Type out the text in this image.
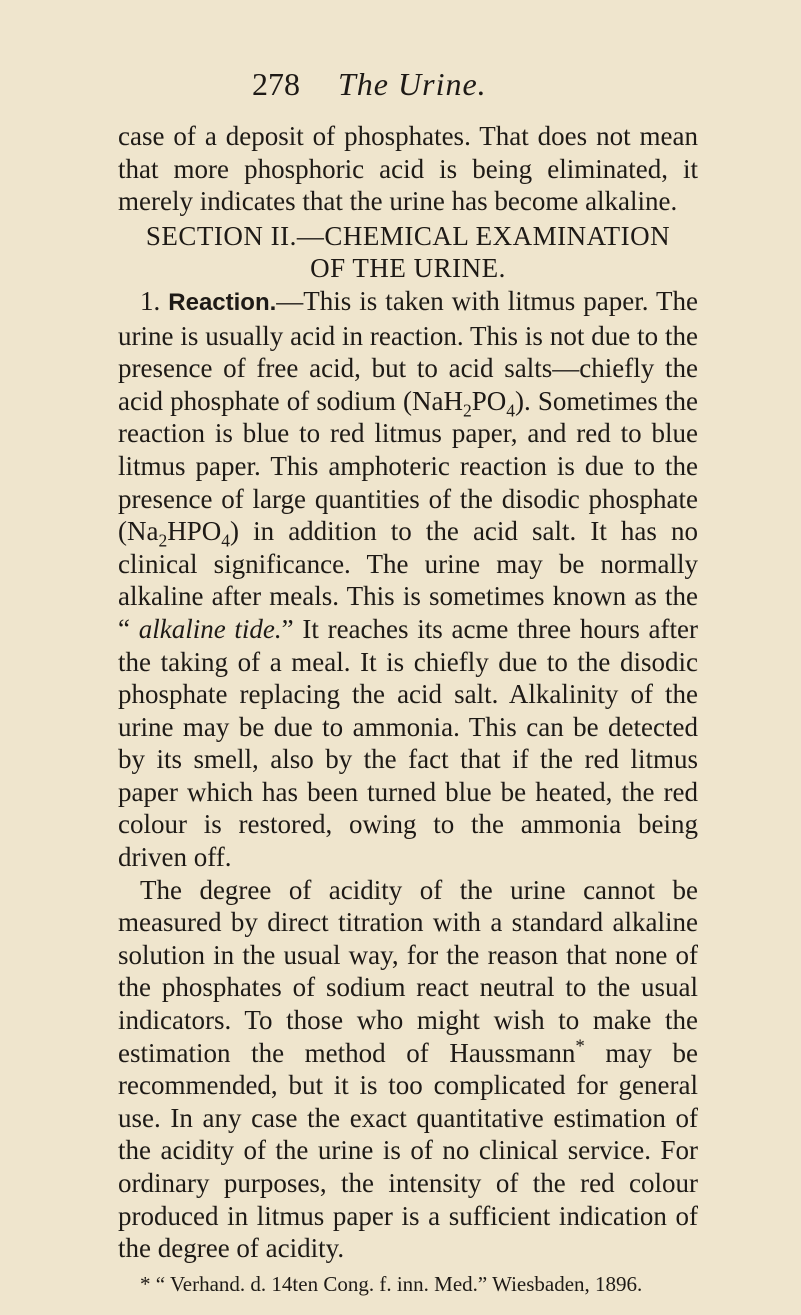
278 The Urine.

case of a deposit of phosphates. That does not mean that more phosphoric acid is being eliminated, it merely indicates that the urine has become alkaline.

SECTION II.—CHEMICAL EXAMINATION
OF THE URINE.

1. Reaction.—This is taken with litmus paper. The urine is usually acid in reaction. This is not due to the presence of free acid, but to acid salts—chiefly the acid phosphate of sodium $(NaH_2PO_4)$. Sometimes the reaction is blue to red litmus paper, and red to blue litmus paper. This amphoteric reaction is due to the presence of large quantities of the disodic phosphate $(Na_2HPO_4)$ in addition to the acid salt. It has no clinical significance. The urine may be normally alkaline after meals. This is sometimes known as the “ alkaline tide.” It reaches its acme three hours after the taking of a meal. It is chiefly due to the disodic phosphate replacing the acid salt. Alkalinity of the urine may be due to ammonia. This can be detected by its smell, also by the fact that if the red litmus paper which has been turned blue be heated, the red colour is restored, owing to the ammonia being driven off.

The degree of acidity of the urine cannot be measured by direct titration with a standard alkaline solution in the usual way, for the reason that none of the phosphates of sodium react neutral to the usual indicators. To those who might wish to make the estimation the method of Haussmann* may be recommended, but it is too complicated for general use. In any case the exact quantitative estimation of the acidity of the urine is of no clinical service. For ordinary purposes, the intensity of the red colour produced in litmus paper is a sufficient indication of the degree of acidity.

* “ Verhand. d. 14ten Cong. f. inn. Med.” Wiesbaden, 1896.
